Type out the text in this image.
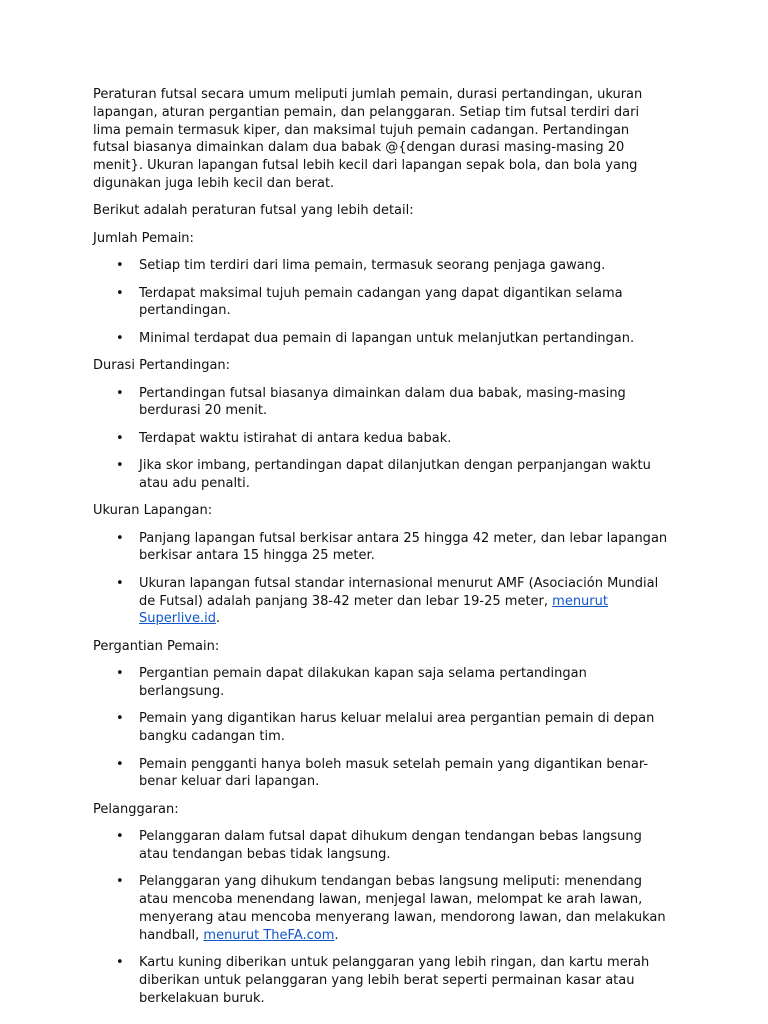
Peraturan futsal secara umum meliputi jumlah pemain, durasi pertandingan, ukuran lapangan, aturan pergantian pemain, dan pelanggaran. Setiap tim futsal terdiri dari lima pemain termasuk kiper, dan maksimal tujuh pemain cadangan. Pertandingan futsal biasanya dimainkan dalam dua babak @{dengan durasi masing-masing 20 menit}. Ukuran lapangan futsal lebih kecil dari lapangan sepak bola, dan bola yang digunakan juga lebih kecil dan berat.

Berikut adalah peraturan futsal yang lebih detail:

Jumlah Pemain:

• Setiap tim terdiri dari lima pemain, termasuk seorang penjaga gawang.
• Terdapat maksimal tujuh pemain cadangan yang dapat digantikan selama pertandingan.
• Minimal terdapat dua pemain di lapangan untuk melanjutkan pertandingan.

Durasi Pertandingan:

• Pertandingan futsal biasanya dimainkan dalam dua babak, masing-masing berdurasi 20 menit.
• Terdapat waktu istirahat di antara kedua babak.
• Jika skor imbang, pertandingan dapat dilanjutkan dengan perpanjangan waktu atau adu penalti.

Ukuran Lapangan:

• Panjang lapangan futsal berkisar antara 25 hingga 42 meter, dan lebar lapangan berkisar antara 15 hingga 25 meter.
• Ukuran lapangan futsal standar internasional menurut AMF (Asociación Mundial de Futsal) adalah panjang 38-42 meter dan lebar 19-25 meter, menurut Superlive.id.

Pergantian Pemain:

• Pergantian pemain dapat dilakukan kapan saja selama pertandingan berlangsung.
• Pemain yang digantikan harus keluar melalui area pergantian pemain di depan bangku cadangan tim.
• Pemain pengganti hanya boleh masuk setelah pemain yang digantikan benar-benar keluar dari lapangan.

Pelanggaran:

• Pelanggaran dalam futsal dapat dihukum dengan tendangan bebas langsung atau tendangan bebas tidak langsung.
• Pelanggaran yang dihukum tendangan bebas langsung meliputi: menendang atau mencoba menendang lawan, menjegal lawan, melompat ke arah lawan, menyerang atau mencoba menyerang lawan, mendorong lawan, dan melakukan handball, menurut TheFA.com.
• Kartu kuning diberikan untuk pelanggaran yang lebih ringan, dan kartu merah diberikan untuk pelanggaran yang lebih berat seperti permainan kasar atau berkelakuan buruk.
